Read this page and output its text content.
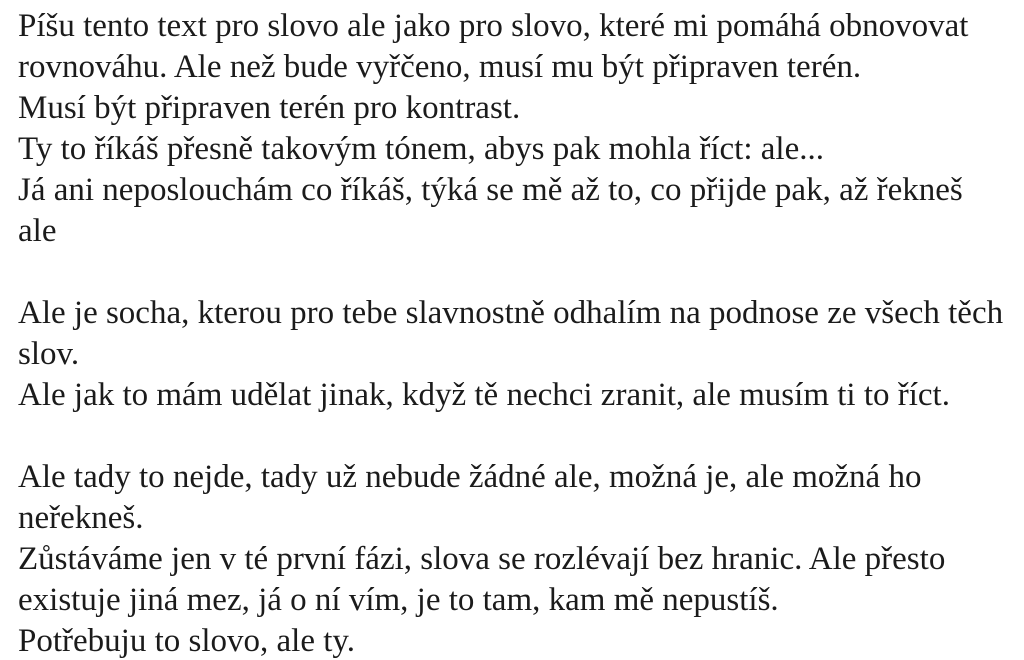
Píšu tento text pro slovo ale jako pro slovo, které mi pomáhá obnovovat
rovnováhu. Ale než bude vyřčeno, musí mu být připraven terén.
Musí být připraven terén pro kontrast.
Ty to říkáš přesně takovým tónem, abys pak mohla říct: ale...
Já ani neposlouchám co říkáš, týká se mě až to, co přijde pak, až řekneš
ale

Ale je socha, kterou pro tebe slavnostně odhalím na podnose ze všech těch
slov.
Ale jak to mám udělat jinak, když tě nechci zranit, ale musím ti to říct.

Ale tady to nejde, tady už nebude žádné ale, možná je, ale možná ho
neřekneš.
Zůstáváme jen v té první fázi, slova se rozlévají bez hranic. Ale přesto
existuje jiná mez, já o ní vím, je to tam, kam mě nepustíš.
Potřebuju to slovo, ale ty.
